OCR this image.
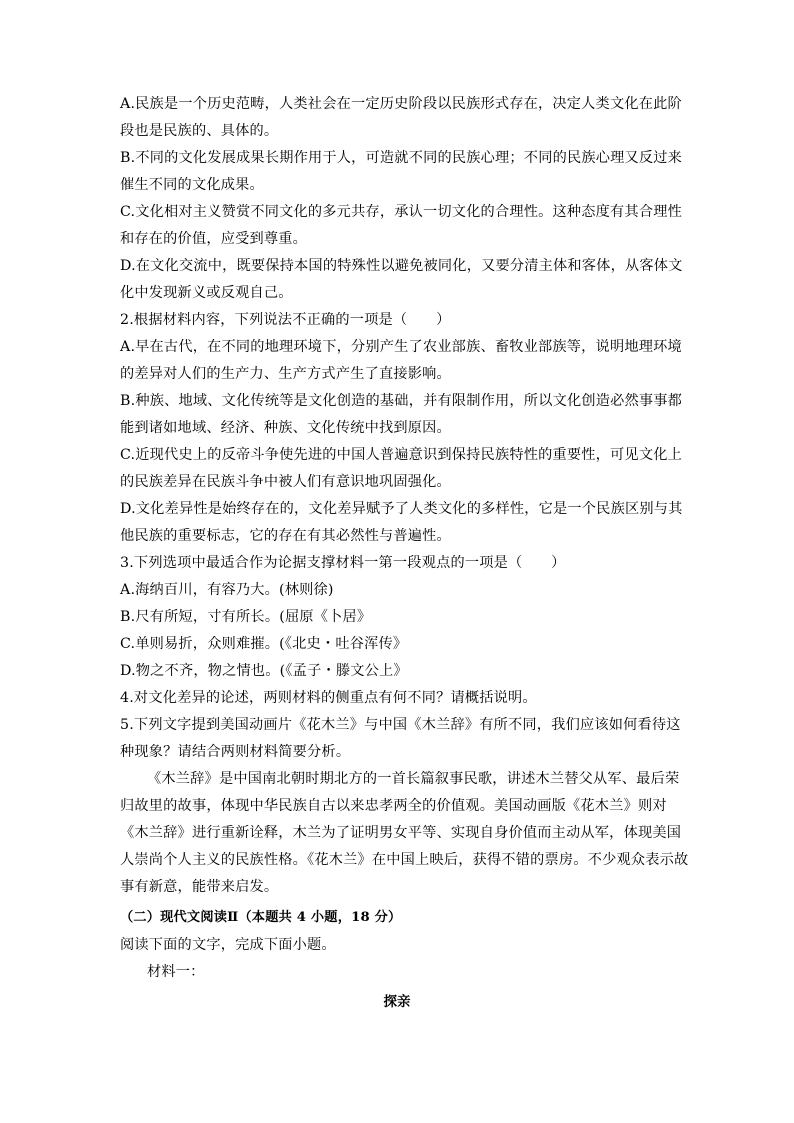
A.民族是一个历史范畴，人类社会在一定历史阶段以民族形式存在，决定人类文化在此阶
段也是民族的、具体的。
B.不同的文化发展成果长期作用于人，可造就不同的民族心理；不同的民族心理又反过来
催生不同的文化成果。
C.文化相对主义赞赏不同文化的多元共存，承认一切文化的合理性。这种态度有其合理性
和存在的价值，应受到尊重。
D.在文化交流中，既要保持本国的特殊性以避免被同化，又要分清主体和客体，从客体文
化中发现新义或反观自己。
2.根据材料内容，下列说法不正确的一项是（　　）
A.早在古代，在不同的地理环境下，分别产生了农业部族、畜牧业部族等，说明地理环境
的差异对人们的生产力、生产方式产生了直接影响。
B.种族、地域、文化传统等是文化创造的基础，并有限制作用，所以文化创造必然事事都
能到诸如地域、经济、种族、文化传统中找到原因。
C.近现代史上的反帝斗争使先进的中国人普遍意识到保持民族特性的重要性，可见文化上
的民族差异在民族斗争中被人们有意识地巩固强化。
D.文化差异性是始终存在的，文化差异赋予了人类文化的多样性，它是一个民族区别与其
他民族的重要标志，它的存在有其必然性与普遍性。
3.下列选项中最适合作为论据支撑材料一第一段观点的一项是（　　）
A.海纳百川，有容乃大。(林则徐)
B.尺有所短，寸有所长。(屈原《卜居》
C.单则易折，众则难摧。(《北史・吐谷浑传》
D.物之不齐，物之情也。(《孟子・滕文公上》
4.对文化差异的论述，两则材料的侧重点有何不同？请概括说明。
5.下列文字提到美国动画片《花木兰》与中国《木兰辞》有所不同，我们应该如何看待这
种现象？请结合两则材料简要分析。
《木兰辞》是中国南北朝时期北方的一首长篇叙事民歌，讲述木兰替父从军、最后荣
归故里的故事，体现中华民族自古以来忠孝两全的价值观。美国动画版《花木兰》则对
《木兰辞》进行重新诠释，木兰为了证明男女平等、实现自身价值而主动从军，体现美国
人崇尚个人主义的民族性格。《花木兰》在中国上映后，获得不错的票房。不少观众表示故
事有新意，能带来启发。
（二）现代文阅读Ⅱ（本题共 4 小题，18 分）
阅读下面的文字，完成下面小题。
材料一：
探亲
